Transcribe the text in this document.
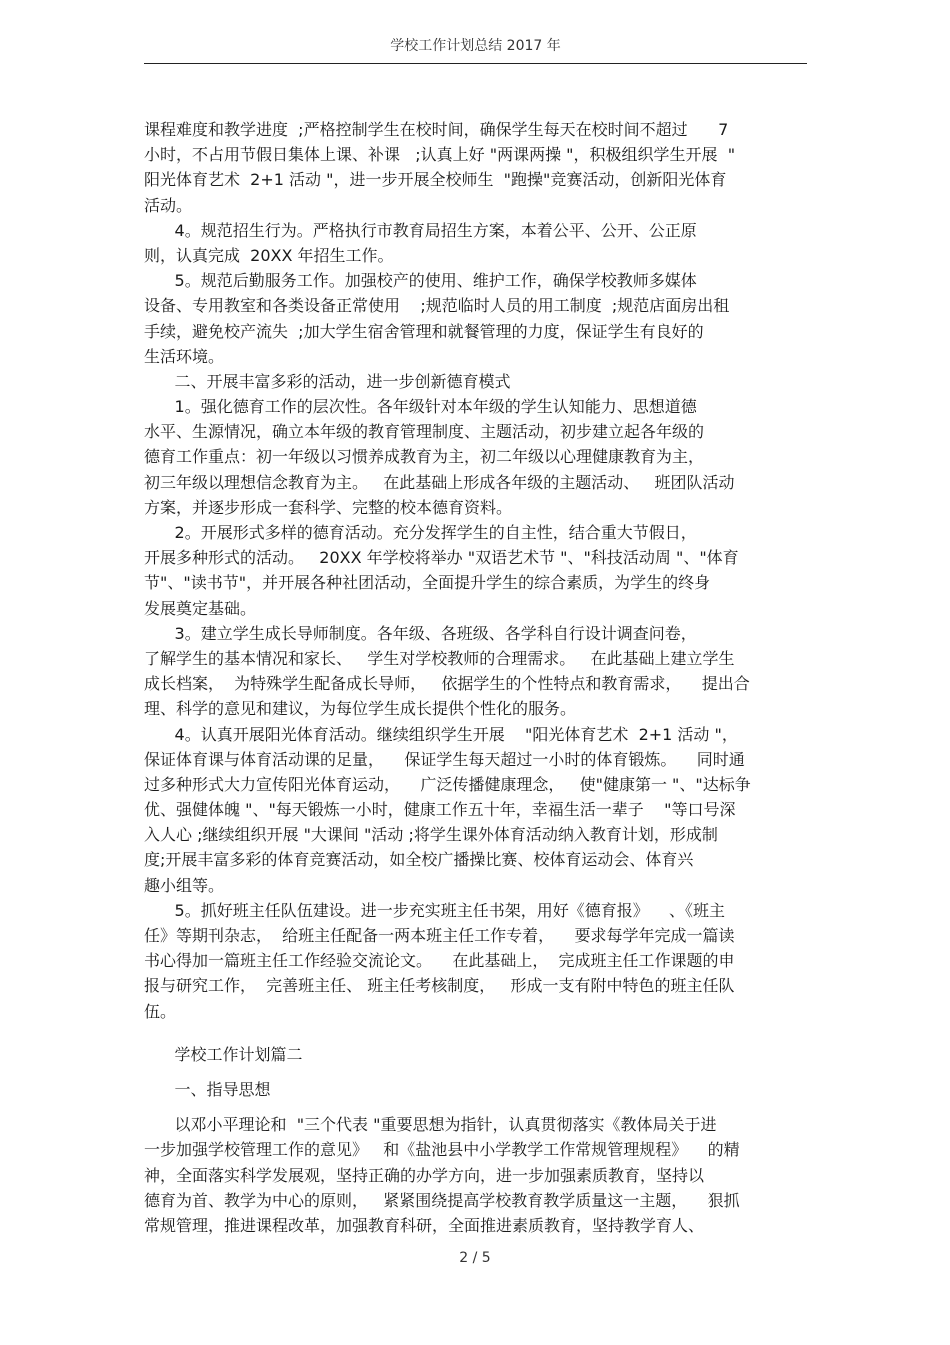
学校工作计划总结 2017 年
课程难度和教学进度  ;严格控制学生在校时间，确保学生每天在校时间不超过      7
小时，不占用节假日集体上课、补课   ;认真上好 "两课两操 "，积极组织学生开展  "
阳光体育艺术  2+1 活动 "，进一步开展全校师生  "跑操"竞赛活动，创新阳光体育
活动。
4。规范招生行为。严格执行市教育局招生方案，本着公平、公开、公正原
则，认真完成  20XX 年招生工作。
5。规范后勤服务工作。加强校产的使用、维护工作，确保学校教师多媒体
设备、专用教室和各类设备正常使用    ;规范临时人员的用工制度  ;规范店面房出租
手续，避免校产流失  ;加大学生宿舍管理和就餐管理的力度，保证学生有良好的
生活环境。
二、开展丰富多彩的活动，进一步创新德育模式
1。强化德育工作的层次性。各年级针对本年级的学生认知能力、思想道德
水平、生源情况，确立本年级的教育管理制度、主题活动，初步建立起各年级的
德育工作重点：初一年级以习惯养成教育为主，初二年级以心理健康教育为主，
初三年级以理想信念教育为主。   在此基础上形成各年级的主题活动、   班团队活动
方案，并逐步形成一套科学、完整的校本德育资料。
2。开展形式多样的德育活动。充分发挥学生的自主性，结合重大节假日，
开展多种形式的活动。   20XX 年学校将举办 "双语艺术节 "、"科技活动周 "、"体育
节"、"读书节"，并开展各种社团活动，全面提升学生的综合素质，为学生的终身
发展奠定基础。
3。建立学生成长导师制度。各年级、各班级、各学科自行设计调查问卷，
了解学生的基本情况和家长、   学生对学校教师的合理需求。   在此基础上建立学生
成长档案，  为特殊学生配备成长导师，   依据学生的个性特点和教育需求，    提出合
理、科学的意见和建议，为每位学生成长提供个性化的服务。
4。认真开展阳光体育活动。继续组织学生开展    "阳光体育艺术  2+1 活动 "，
保证体育课与体育活动课的足量，    保证学生每天超过一小时的体育锻炼。    同时通
过多种形式大力宣传阳光体育运动，    广泛传播健康理念，   使"健康第一 "、"达标争
优、强健体魄 "、"每天锻炼一小时，健康工作五十年，幸福生活一辈子    "等口号深
入人心 ;继续组织开展 "大课间 "活动 ;将学生课外体育活动纳入教育计划，形成制
度;开展丰富多彩的体育竞赛活动，如全校广播操比赛、校体育运动会、体育兴
趣小组等。
5。抓好班主任队伍建设。进一步充实班主任书架，用好《德育报》    、《班主
任》等期刊杂志，  给班主任配备一两本班主任工作专着，    要求每学年完成一篇读
书心得加一篇班主任工作经验交流论文。    在此基础上，  完成班主任工作课题的申
报与研究工作，  完善班主任、 班主任考核制度，   形成一支有附中特色的班主任队
伍。
学校工作计划篇二
一、指导思想
以邓小平理论和  "三个代表 "重要思想为指针，认真贯彻落实《教体局关于进
一步加强学校管理工作的意见》   和《盐池县中小学教学工作常规管理规程》    的精
神，全面落实科学发展观，坚持正确的办学方向，进一步加强素质教育，坚持以
德育为首、教学为中心的原则，   紧紧围绕提高学校教育教学质量这一主题，    狠抓
常规管理，推进课程改革，加强教育科研，全面推进素质教育，坚持教学育人、
2 / 5
